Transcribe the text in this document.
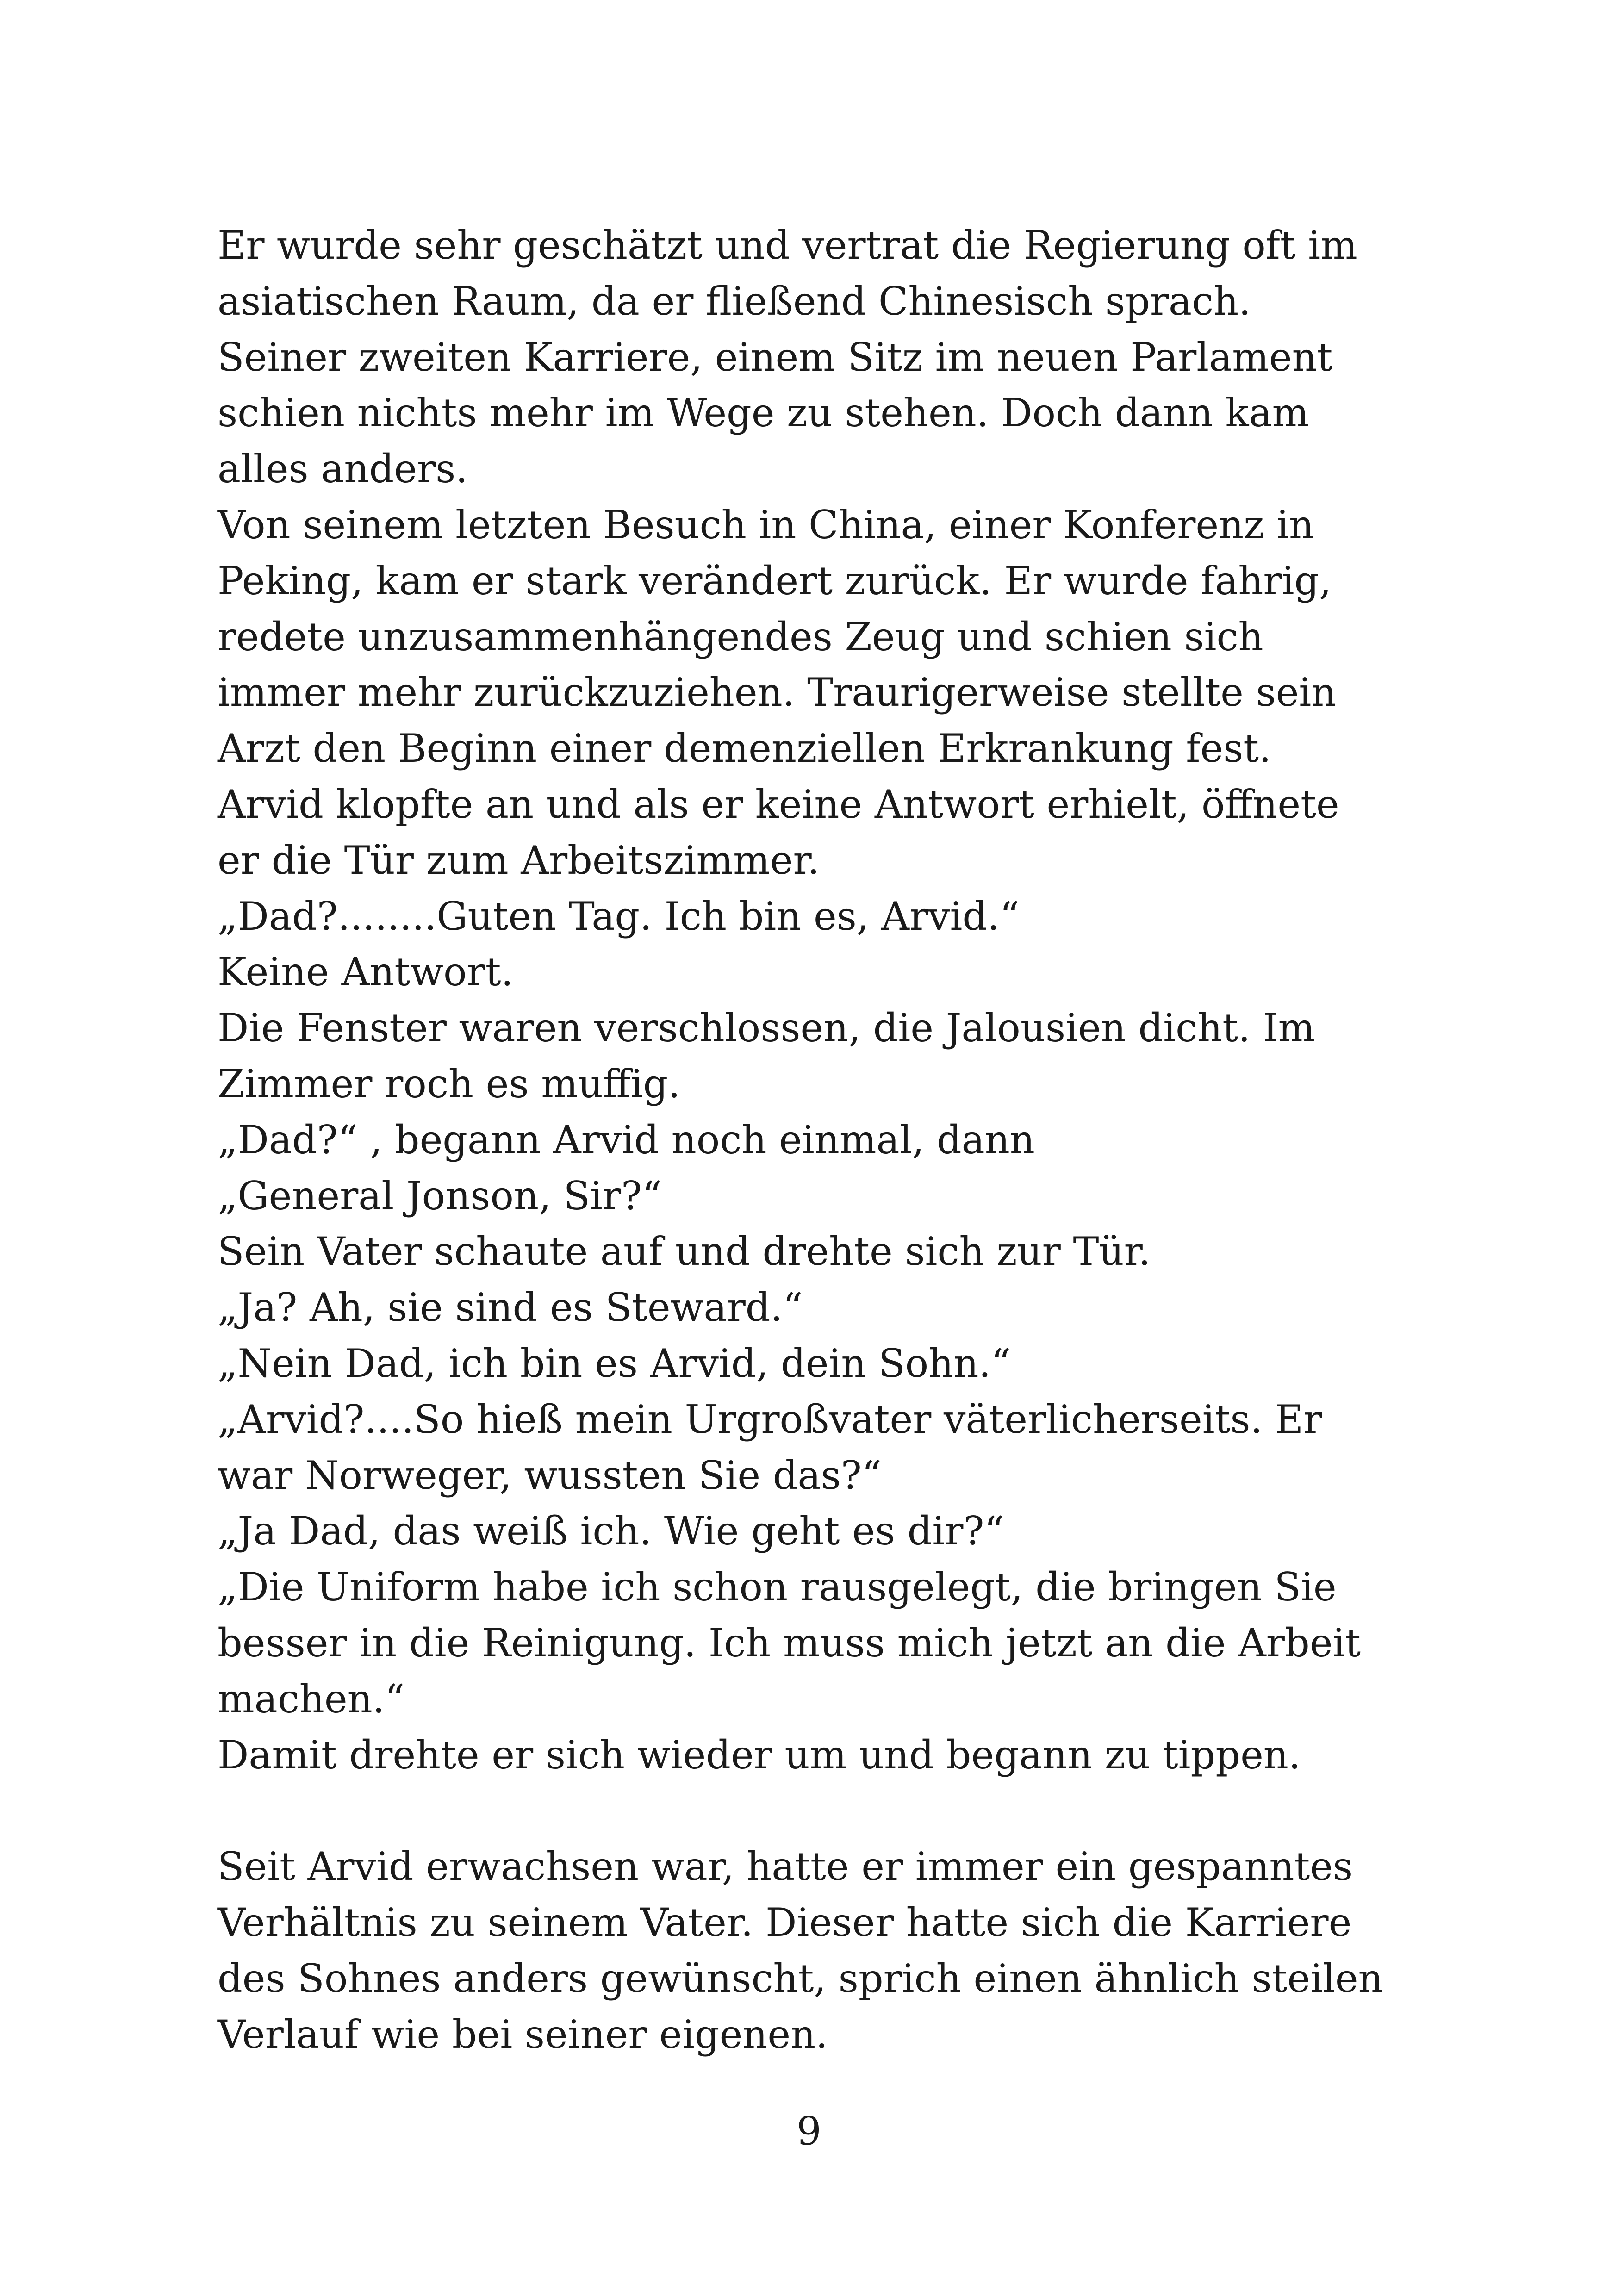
Er wurde sehr geschätzt und vertrat die Regierung oft im
asiatischen Raum, da er fließend Chinesisch sprach.
Seiner zweiten Karriere, einem Sitz im neuen Parlament
schien nichts mehr im Wege zu stehen. Doch dann kam
alles anders.
Von seinem letzten Besuch in China, einer Konferenz in
Peking, kam er stark verändert zurück. Er wurde fahrig,
redete unzusammenhängendes Zeug und schien sich
immer mehr zurückzuziehen. Traurigerweise stellte sein
Arzt den Beginn einer demenziellen Erkrankung fest.
Arvid klopfte an und als er keine Antwort erhielt, öffnete
er die Tür zum Arbeitszimmer.
„Dad?........Guten Tag. Ich bin es, Arvid.“
Keine Antwort.
Die Fenster waren verschlossen, die Jalousien dicht. Im
Zimmer roch es muffig.
„Dad?“ , begann Arvid noch einmal, dann
„General Jonson, Sir?“
Sein Vater schaute auf und drehte sich zur Tür.
„Ja? Ah, sie sind es Steward.“
„Nein Dad, ich bin es Arvid, dein Sohn.“
„Arvid?....So hieß mein Urgroßvater väterlicherseits. Er
war Norweger, wussten Sie das?“
„Ja Dad, das weiß ich. Wie geht es dir?“
„Die Uniform habe ich schon rausgelegt, die bringen Sie
besser in die Reinigung. Ich muss mich jetzt an die Arbeit
machen.“
Damit drehte er sich wieder um und begann zu tippen.
Seit Arvid erwachsen war, hatte er immer ein gespanntes
Verhältnis zu seinem Vater. Dieser hatte sich die Karriere
des Sohnes anders gewünscht, sprich einen ähnlich steilen
Verlauf wie bei seiner eigenen.
9
